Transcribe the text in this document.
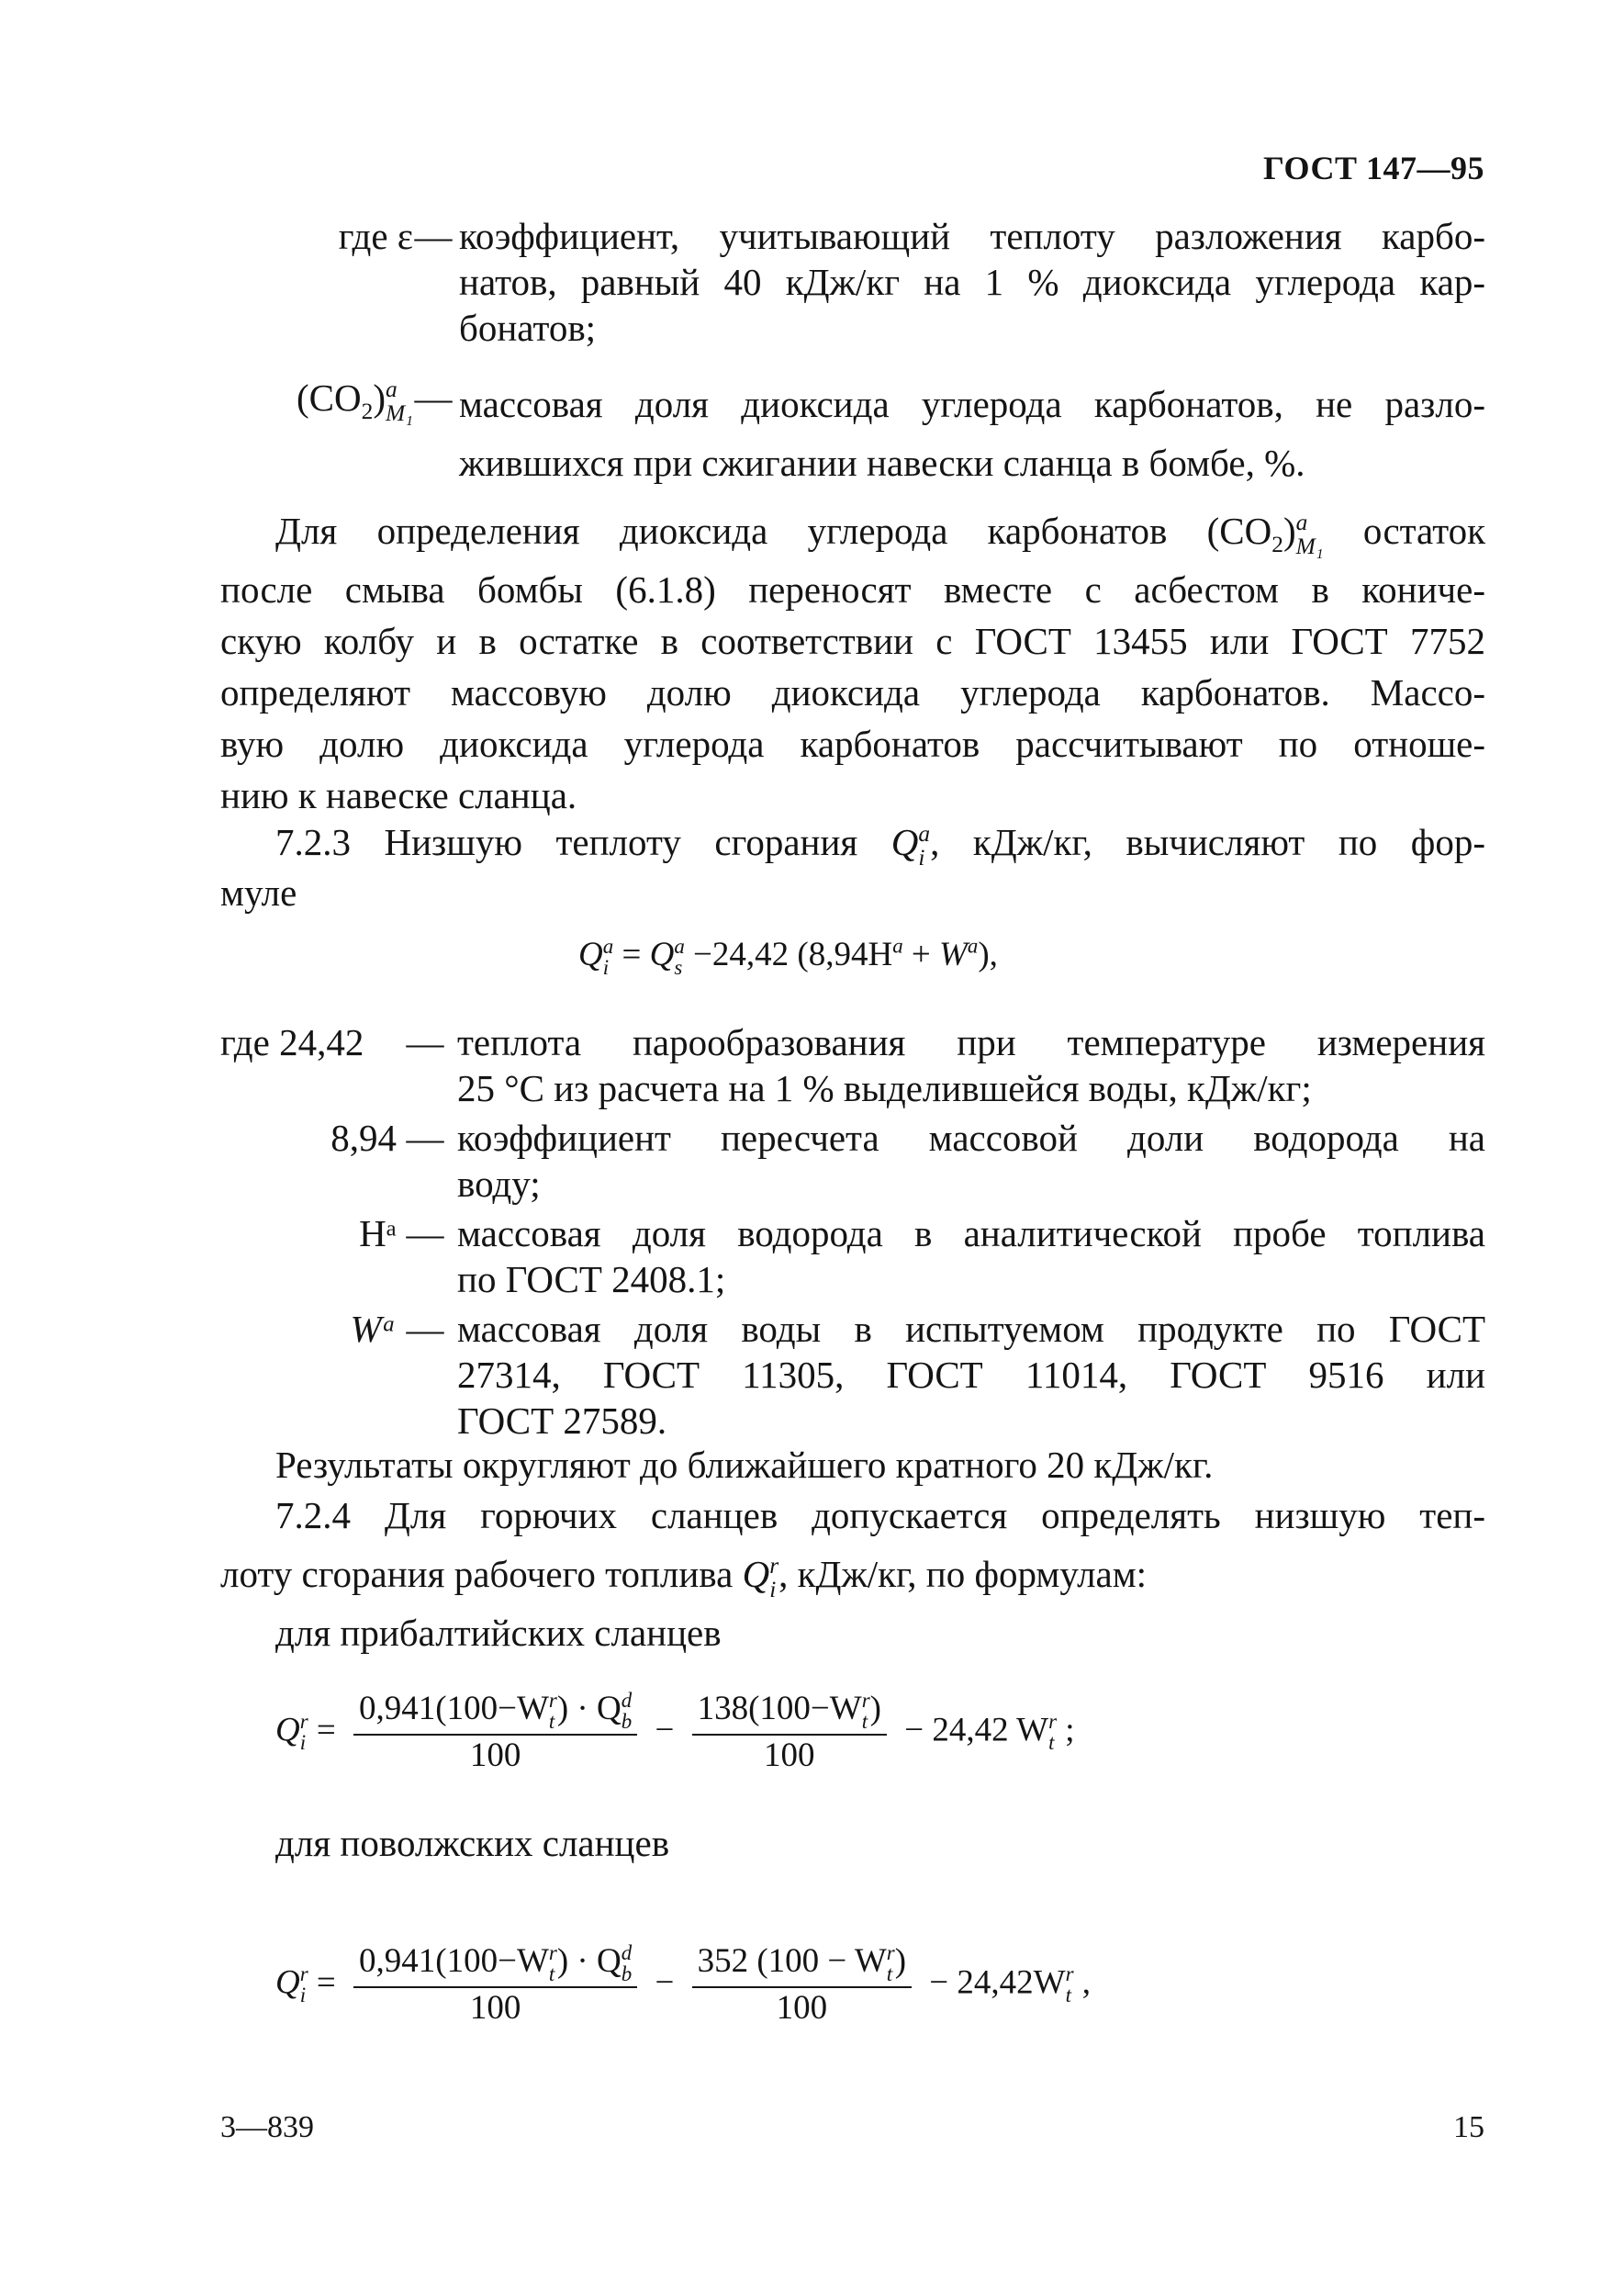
ГОСТ 147—95
где ε — коэффициент, учитывающий теплоту разложения карбо-
натов, равный 40 кДж/кг на 1 % диоксида углерода кар-
бонатов;
$(CO_2)$ a
M₁ — массовая доля диоксида углерода карбонатов, не разло-
жившихся при сжигании навески сланца в бомбе, %.
Для определения диоксида углерода карбонатов $(CO_2)$ a
M₁ остаток
после смыва бомбы (6.1.8) переносят вместе с асбестом в кониче-
скую колбу и в остатке в соответствии с ГОСТ 13455 или ГОСТ 7752
определяют массовую долю диоксида углерода карбонатов. Массо-
вую долю диоксида углерода карбонатов рассчитывают по отноше-
нию к навеске сланца.
7.2.3 Низшую теплоту сгорания Q a
i , кДж/кг, вычисляют по фор-
муле
Q a
i = Q a
s −24,42 $(8,94H^a + W^a)$,
где 24,42	— теплота парообразования при температуре измерения
25 °С из расчета на 1 % выделившейся воды, кДж/кг;
8,94 — коэффициент пересчета массовой доли водорода на
воду;
Hᵃ — массовая доля водорода в аналитической пробе топлива
по ГОСТ 2408.1;
Wᵃ — массовая доля воды в испытуемом продукте по ГОСТ
27314, ГОСТ 11305, ГОСТ 11014, ГОСТ 9516 или
ГОСТ 27589.
Результаты округляют до ближайшего кратного 20 кДж/кг.
7.2.4 Для горючих сланцев допускается определять низшую теп-
лоту сгорания рабочего топлива Q r
i , кДж/кг, по формулам:
для прибалтийских сланцев
Q r
i = 0,941(100−W r
t ) · Q d
b
100 − 138(100−W r
t )
100 − 24,42 W r
t ;
для поволжских сланцев
Q r
i = 0,941(100−W r
t ) · Q d
b
100 − 352 (100 − W r
t )
100 − 24,42W r
t ,
3—839	15
